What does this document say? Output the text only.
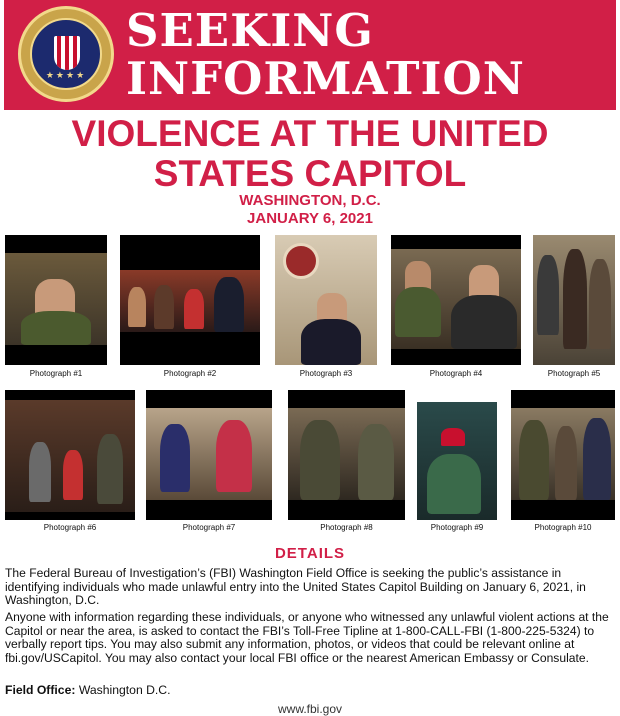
★★★★
SEEKING
INFORMATION
VIOLENCE AT THE UNITED
STATES CAPITOL
WASHINGTON, D.C.
JANUARY 6, 2021
Photograph #1	Photograph #2	Photograph #3	Photograph #4	Photograph #5
Photograph #6	Photograph #7	Photograph #8	Photograph #9	Photograph #10
DETAILS
The Federal Bureau of Investigation’s (FBI) Washington Field Office is seeking the public’s assistance in identifying individuals who made unlawful entry into the United States Capitol Building on January 6, 2021, in Washington, D.C.
Anyone with information regarding these individuals, or anyone who witnessed any unlawful violent actions at the Capitol or near the area, is asked to contact the FBI’s Toll-Free Tipline at 1-800-CALL-FBI (1-800-225-5324) to verbally report tips. You may also submit any information, photos, or videos that could be relevant online at fbi.gov/USCapitol. You may also contact your local FBI office or the nearest American Embassy or Consulate.
Field Office: Washington D.C.
www.fbi.gov
